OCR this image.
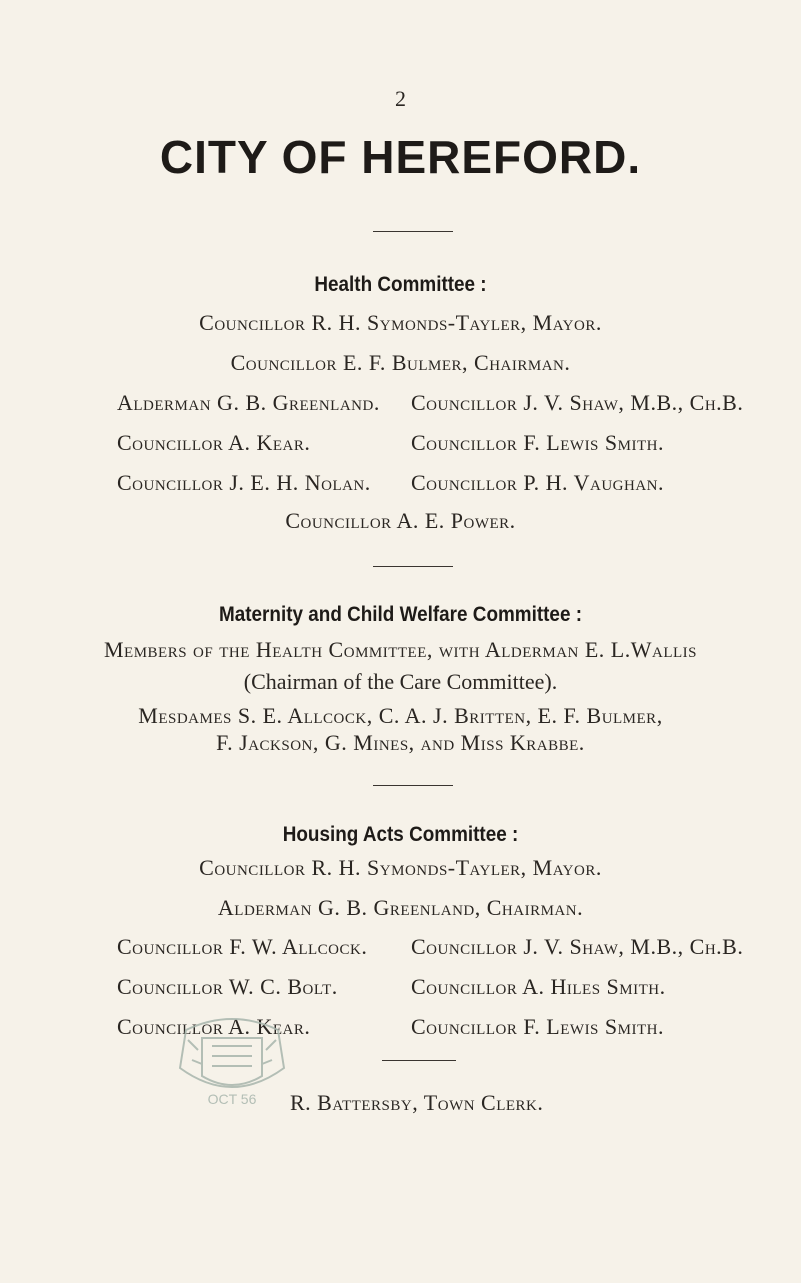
2
CITY OF HEREFORD.
Health Committee :
Councillor R. H. Symonds-Tayler, Mayor.
Councillor E. F. Bulmer, Chairman.
Alderman G. B. Greenland. Councillor J. V. Shaw, M.B., Ch.B.
Councillor A. Kear.	Councillor F. Lewis Smith.
Councillor J. E. H. Nolan. Councillor P. H. Vaughan.
Councillor A. E. Power.
Maternity and Child Welfare Committee :
Members of the Health Committee, with Alderman E. L.Wallis
(Chairman of the Care Committee).
Mesdames S. E. Allcock, C. A. J. Britten, E. F. Bulmer,
F. Jackson, G. Mines, and Miss Krabbe.
Housing Acts Committee :
Councillor R. H. Symonds-Tayler, Mayor.
Alderman G. B. Greenland, Chairman.
Councillor F. W. Allcock. Councillor J. V. Shaw, M.B., Ch.B.
Councillor W. C. Bolt.	Councillor A. Hiles Smith.
Councillor A. Kear.	Councillor F. Lewis Smith.
OCT 56 R. Battersby, Town Clerk.
